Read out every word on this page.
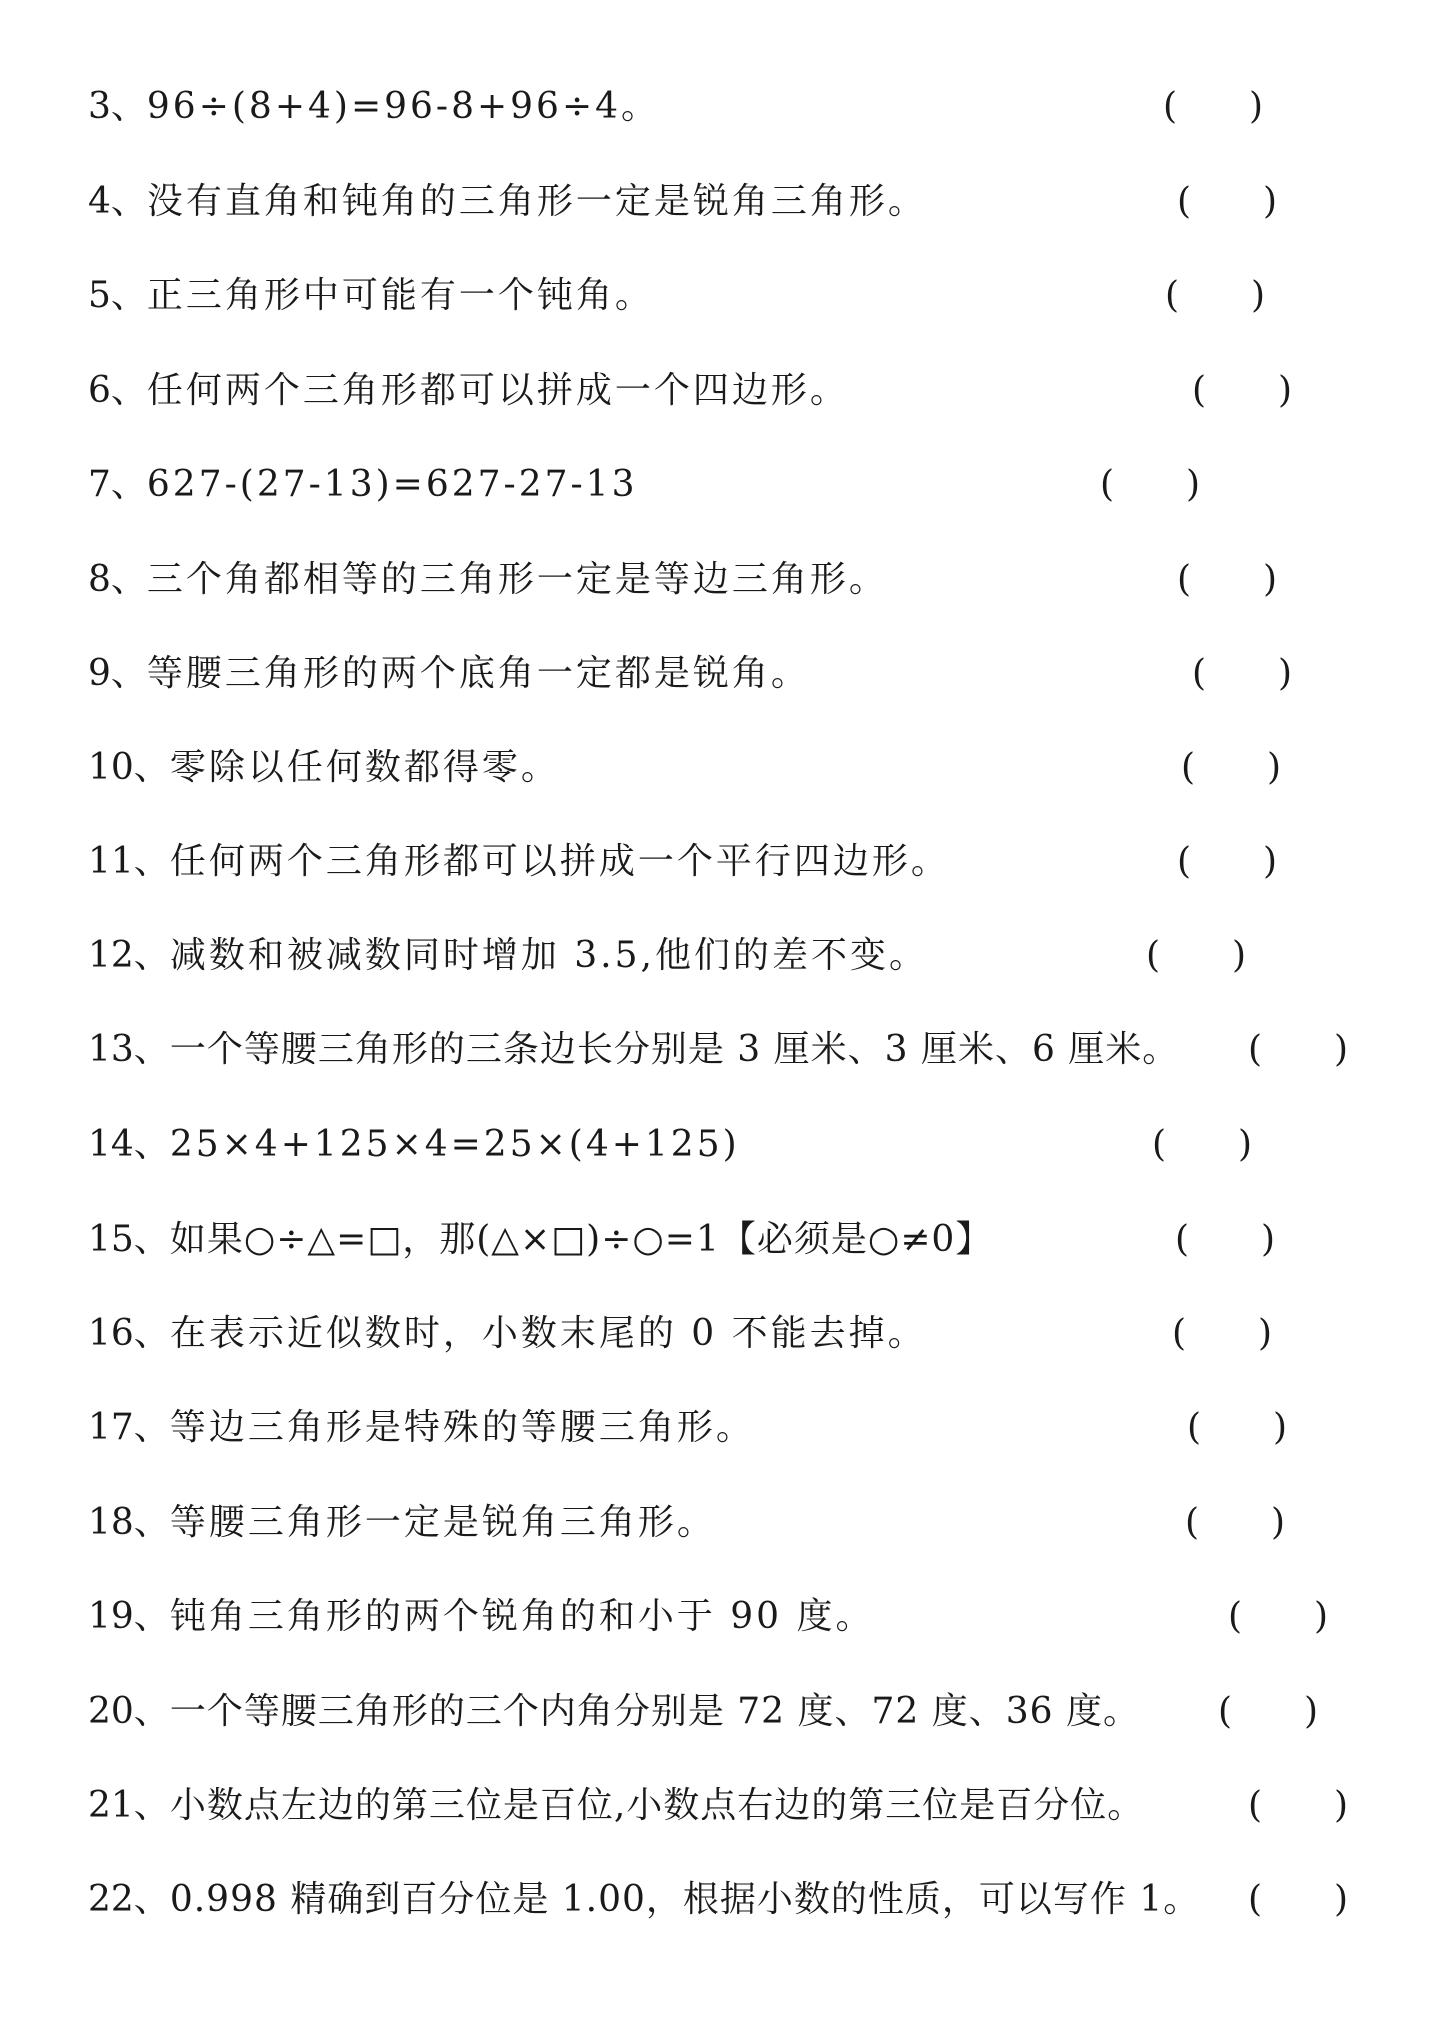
3、96÷(8+4)=96-8+96÷4。	( )
4、没有直角和钝角的三角形一定是锐角三角形。	( )
5、正三角形中可能有一个钝角。	( )
6、任何两个三角形都可以拼成一个四边形。	( )
7、627-(27-13)=627-27-13	( )
8、三个角都相等的三角形一定是等边三角形。	( )
9、等腰三角形的两个底角一定都是锐角。	( )
10、零除以任何数都得零。	( )
11、任何两个三角形都可以拼成一个平行四边形。	( )
12、减数和被减数同时增加 3.5,他们的差不变。	( )
13、一个等腰三角形的三条边长分别是 3 厘米、3 厘米、6 厘米。 ( )
14、25×4+125×4=25×(4+125)	( )
15、如果○÷△=□，那(△×□)÷○=1【必须是○≠0】	( )
16、在表示近似数时，小数末尾的 0 不能去掉。	( )
17、等边三角形是特殊的等腰三角形。	( )
18、等腰三角形一定是锐角三角形。	( )
19、钝角三角形的两个锐角的和小于 90 度。	( )
20、一个等腰三角形的三个内角分别是 72 度、72 度、36 度。 ( )
21、小数点左边的第三位是百位,小数点右边的第三位是百分位。	( )
22、0.998 精确到百分位是 1.00，根据小数的性质，可以写作 1。 ( )
